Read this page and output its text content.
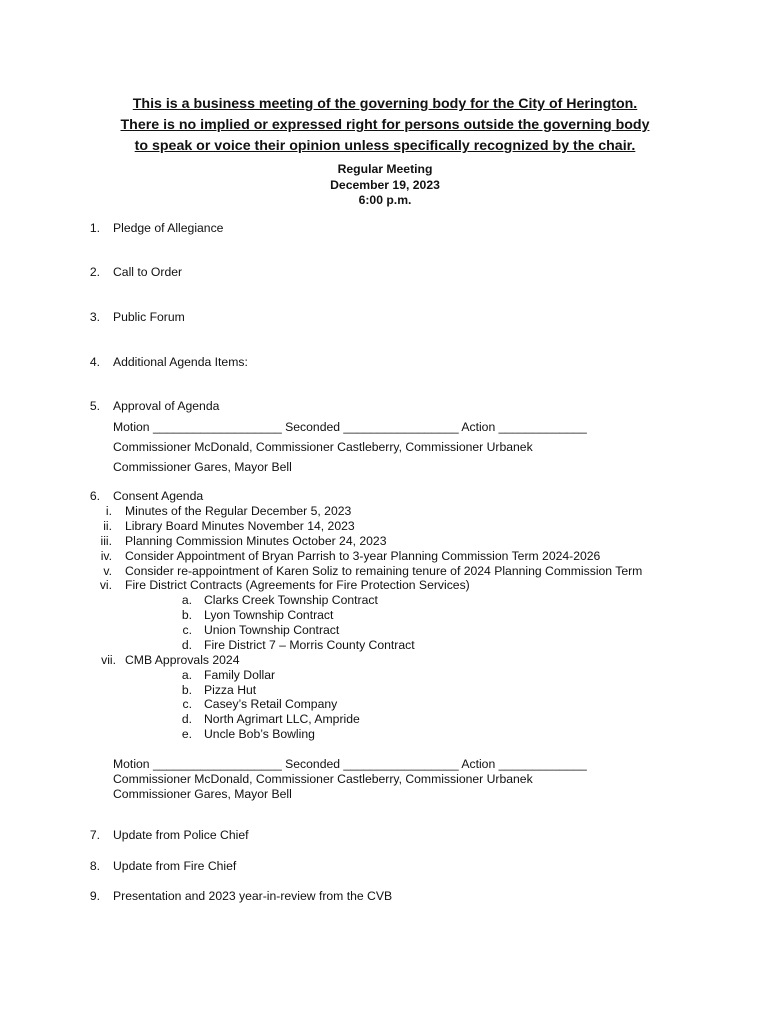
This is a business meeting of the governing body for the City of Herington.
There is no implied or expressed right for persons outside the governing body
to speak or voice their opinion unless specifically recognized by the chair.
Regular Meeting
December 19, 2023
6:00 p.m.
1. Pledge of Allegiance
2. Call to Order
3. Public Forum
4. Additional Agenda Items:
5. Approval of Agenda
Motion ___________________ Seconded _________________ Action _____________
Commissioner McDonald, Commissioner Castleberry, Commissioner Urbanek
Commissioner Gares, Mayor Bell
6. Consent Agenda
i. Minutes of the Regular December 5, 2023
ii. Library Board Minutes November 14, 2023
iii. Planning Commission Minutes October 24, 2023
iv. Consider Appointment of Bryan Parrish to 3-year Planning Commission Term 2024-2026
v. Consider re-appointment of Karen Soliz to remaining tenure of 2024 Planning Commission Term
vi. Fire District Contracts (Agreements for Fire Protection Services)
a. Clarks Creek Township Contract
b. Lyon Township Contract
c. Union Township Contract
d. Fire District 7 – Morris County Contract
vii. CMB Approvals 2024
a. Family Dollar
b. Pizza Hut
c. Casey’s Retail Company
d. North Agrimart LLC, Ampride
e. Uncle Bob’s Bowling
Motion ___________________ Seconded _________________ Action _____________
Commissioner McDonald, Commissioner Castleberry, Commissioner Urbanek
Commissioner Gares, Mayor Bell
7. Update from Police Chief
8. Update from Fire Chief
9. Presentation and 2023 year-in-review from the CVB
